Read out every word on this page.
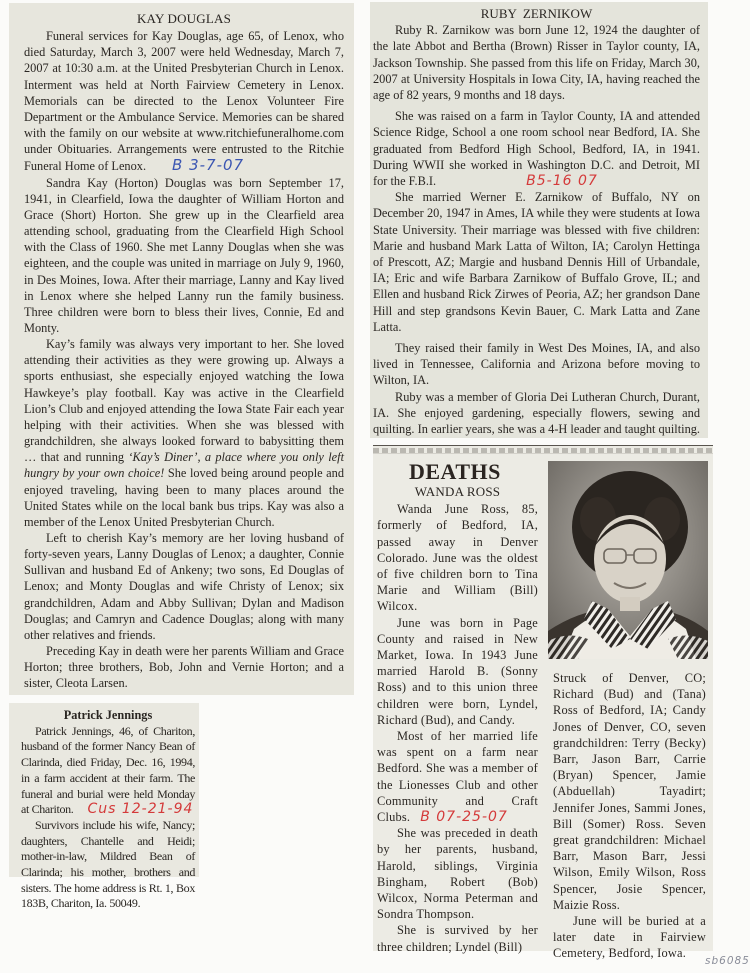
KAY DOUGLAS

Funeral services for Kay Douglas, age 65, of Lenox, who died Saturday, March 3, 2007 were held Wednesday, March 7, 2007 at 10:30 a.m. at the United Presbyterian Church in Lenox. Interment was held at North Fairview Cemetery in Lenox. Memorials can be directed to the Lenox Volunteer Fire Department or the Ambulance Service. Memories can be shared with the family on our website at www.ritchiefuneralhome.com under Obituaries. Arrangements were entrusted to the Ritchie Funeral Home of Lenox. B 3-7-07

Sandra Kay (Horton) Douglas was born September 17, 1941, in Clearfield, Iowa the daughter of William Horton and Grace (Short) Horton. She grew up in the Clearfield area attending school, graduating from the Clearfield High School with the Class of 1960. She met Lanny Douglas when she was eighteen, and the couple was united in marriage on July 9, 1960, in Des Moines, Iowa. After their marriage, Lanny and Kay lived in Lenox where she helped Lanny run the family business. Three children were born to bless their lives, Connie, Ed and Monty.

Kay’s family was always very important to her. She loved attending their activities as they were growing up. Always a sports enthusiast, she especially enjoyed watching the Iowa Hawkeye’s play football. Kay was active in the Clearfield Lion’s Club and enjoyed attending the Iowa State Fair each year helping with their activities. When she was blessed with grandchildren, she always looked forward to babysitting them … that and running ‘Kay’s Diner’, a place where you only left hungry by your own choice! She loved being around people and enjoyed traveling, having been to many places around the United States while on the local bank bus trips. Kay was also a member of the Lenox United Presbyterian Church.

Left to cherish Kay’s memory are her loving husband of forty-seven years, Lanny Douglas of Lenox; a daughter, Connie Sullivan and husband Ed of Ankeny; two sons, Ed Douglas of Lenox; and Monty Douglas and wife Christy of Lenox; six grandchildren, Adam and Abby Sullivan; Dylan and Madison Douglas; and Camryn and Cadence Douglas; along with many other relatives and friends.

Preceding Kay in death were her parents William and Grace Horton; three brothers, Bob, John and Vernie Horton; and a sister, Cleota Larsen.

RUBY  ZERNIKOW

Ruby R. Zarnikow was born June 12, 1924 the daughter of the late Abbot and Bertha (Brown) Risser in Taylor county, IA, Jackson Township. She passed from this life on Friday, March 30, 2007 at University Hospitals in Iowa City, IA, having reached the age of 82 years, 9 months and 18 days.

She was raised on a farm in Taylor County, IA and attended Science Ridge, School a one room school near Bedford, IA. She graduated from Bedford High School, Bedford, IA, in 1941. During WWII she worked in Washington D.C. and Detroit, MI for the F.B.I.	B5-16 07

She married Werner E. Zarnikow of Buffalo, NY on December 20, 1947 in Ames, IA while they were students at Iowa State University. Their marriage was blessed with five children: Marie and husband Mark Latta of Wilton, IA; Carolyn Hettinga of Prescott, AZ; Margie and husband Dennis Hill of Urbandale, IA; Eric and wife Barbara Zarnikow of Buffalo Grove, IL; and Ellen and husband Rick Zirwes of Peoria, AZ; her grandson Dane Hill and step grandsons Kevin Bauer, C. Mark Latta and Zane Latta.

They raised their family in West Des Moines, IA, and also lived in Tennessee, California and Arizona before moving to Wilton, IA.

Ruby was a member of Gloria Dei Lutheran Church, Durant, IA. She enjoyed gardening, especially flowers, sewing and quilting. In earlier years, she was a 4-H leader and taught quilting.

Patrick Jennings

Patrick Jennings, 46, of Chariton, husband of the former Nancy Bean of Clarinda, died Friday, Dec. 16, 1994, in a farm accident at their farm. The funeral and burial were held Monday at Chariton. Cus 12-21-94

Survivors include his wife, Nancy; daughters, Chantelle and Heidi; mother-in-law, Mildred Bean of Clarinda; his mother, brothers and sisters. The home address is Rt. 1, Box 183B, Chariton, Ia. 50049.

DEATHS
WANDA ROSS

Wanda June Ross, 85, formerly of Bedford, IA, passed away in Denver Colorado. June was the oldest of five children born to Tina Marie and William (Bill) Wilcox.

June was born in Page County and raised in New Market, Iowa. In 1943 June married Harold B. (Sonny Ross) and to this union three children were born, Lyndel, Richard (Bud), and Candy.

Most of her married life was spent on a farm near Bedford. She was a member of the Lionesses Club and other Community and Craft Clubs. B 07-25-07

She was preceded in death by her parents, husband, Harold, siblings, Virginia Bingham, Robert (Bob) Wilcox, Norma Peterman and Sondra Thompson.

She is survived by her three children; Lyndel (Bill)

Struck of Denver, CO; Richard (Bud) and (Tana) Ross of Bedford, IA; Candy Jones of Denver, CO, seven grandchildren: Terry (Becky) Barr, Jason Barr, Carrie (Bryan) Spencer, Jamie (Abduellah) Tayadirt; Jennifer Jones, Sammi Jones, Bill (Somer) Ross. Seven great grandchildren: Michael Barr, Mason Barr, Jessi Wilson, Emily Wilson, Ross Spencer, Josie Spencer, Maizie Ross.

June will be buried at a later date in Fairview Cemetery, Bedford, Iowa.

sb6085
